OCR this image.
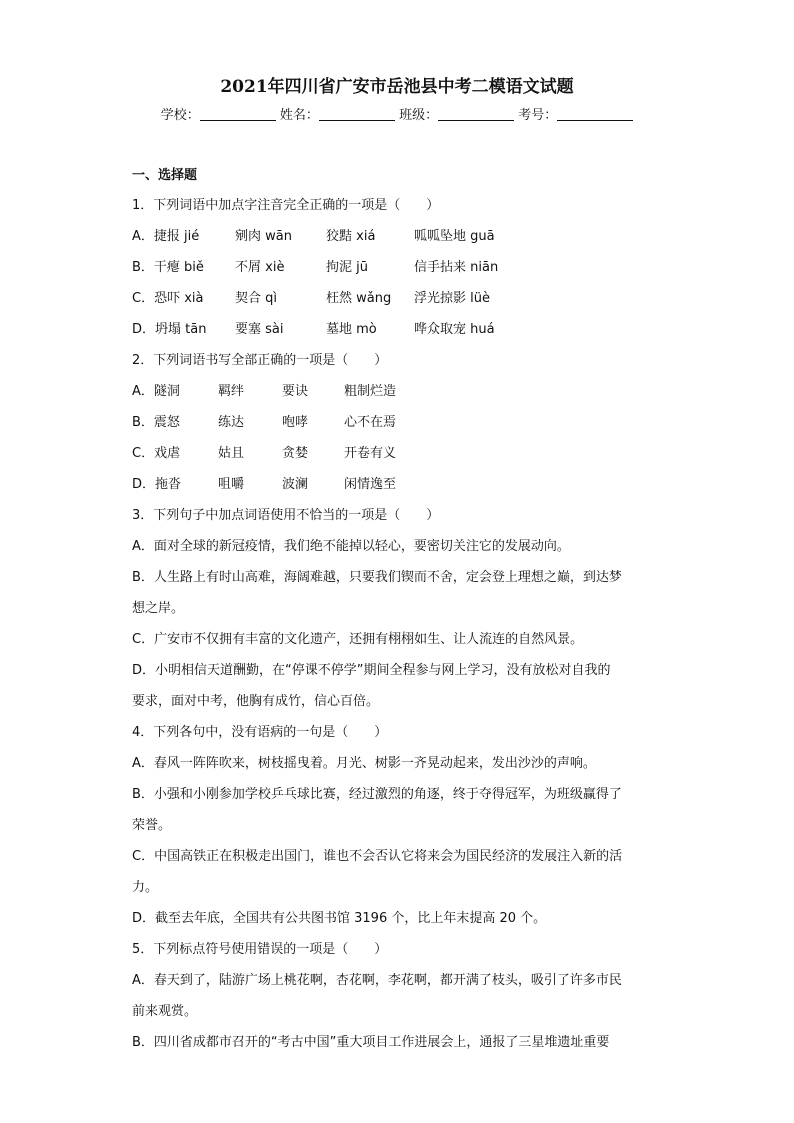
2021年四川省广安市岳池县中考二模语文试题
学校：	姓名：	班级：	考号：
一、选择题
1．下列词语中加点字注音完全正确的一项是（　　）
A．捷报 jié	剜肉 wān	狡黠 xiá	呱呱坠地 guā
B．干瘪 biě	不屑 xiè	拘泥 jū	信手拈来 niān
C．恐吓 xià	契合 qì	枉然 wǎng	浮光掠影 lüè
D．坍塌 tān	要塞 sài	墓地 mò	哗众取宠 huá
2．下列词语书写全部正确的一项是（　　）
A．隧洞	羁绊	要诀	粗制烂造
B．震怒	练达	咆哮	心不在焉
C．戏虐	姑且	贪婪	开卷有义
D．拖沓	咀嚼	波澜	闲情逸至
3．下列句子中加点词语使用不恰当的一项是（　　）
A．面对全球的新冠疫情，我们绝不能掉以轻心，要密切关注它的发展动向。
B．人生路上有时山高难，海阔难越，只要我们锲而不舍，定会登上理想之巅，到达梦
想之岸。
C．广安市不仅拥有丰富的文化遗产，还拥有栩栩如生、让人流连的自然风景。
D．小明相信天道酬勤，在“停课不停学”期间全程参与网上学习，没有放松对自我的
要求，面对中考，他胸有成竹，信心百倍。
4．下列各句中，没有语病的一句是（　　）
A．春风一阵阵吹来，树枝摇曳着。月光、树影一齐晃动起来，发出沙沙的声响。
B．小强和小刚参加学校乒乓球比赛，经过激烈的角逐，终于夺得冠军，为班级赢得了
荣誉。
C．中国高铁正在积极走出国门，谁也不会否认它将来会为国民经济的发展注入新的活
力。
D．截至去年底，全国共有公共图书馆 3196 个，比上年末提高 20 个。
5．下列标点符号使用错误的一项是（　　）
A．春天到了，陆游广场上桃花啊，杏花啊，李花啊，都开满了枝头，吸引了许多市民
前来观赏。
B．四川省成都市召开的“考古中国”重大项目工作进展会上，通报了三星堆遗址重要
